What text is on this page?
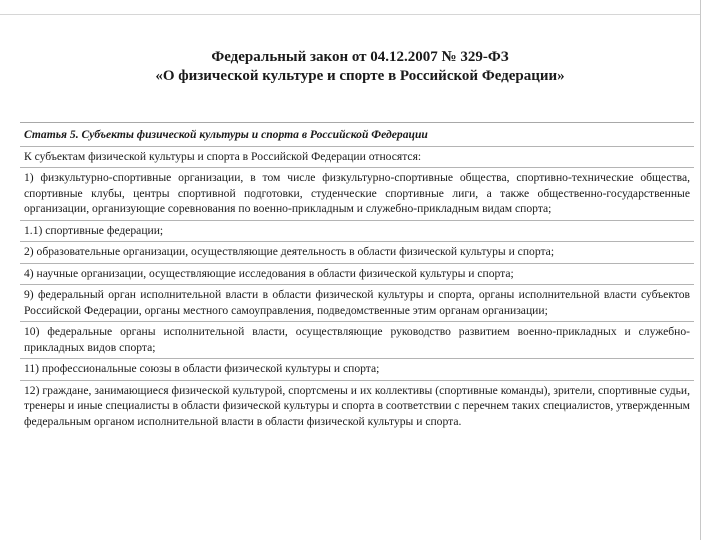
Федеральный закон от 04.12.2007 № 329-ФЗ
«О физической культуре и спорте в Российской Федерации»
Статья 5. Субъекты физической культуры и спорта в Российской Федерации
К субъектам физической культуры и спорта в Российской Федерации относятся:
1) физкультурно-спортивные организации, в том числе физкультурно-спортивные общества, спортивно-технические общества, спортивные клубы, центры спортивной подготовки, студенческие спортивные лиги, а также общественно-государственные организации, организующие соревнования по военно-прикладным и служебно-прикладным видам спорта;
1.1) спортивные федерации;
2) образовательные организации, осуществляющие деятельность в области физической культуры и спорта;
4) научные организации, осуществляющие исследования в области физической культуры и спорта;
9) федеральный орган исполнительной власти в области физической культуры и спорта, органы исполнительной власти субъектов Российской Федерации, органы местного самоуправления, подведомственные этим органам организации;
10) федеральные органы исполнительной власти, осуществляющие руководство развитием военно-прикладных и служебно-прикладных видов спорта;
11) профессиональные союзы в области физической культуры и спорта;
12) граждане, занимающиеся физической культурой, спортсмены и их коллективы (спортивные команды), зрители, спортивные судьи, тренеры и иные специалисты в области физической культуры и спорта в соответствии с перечнем таких специалистов, утвержденным федеральным органом исполнительной власти в области физической культуры и спорта.
